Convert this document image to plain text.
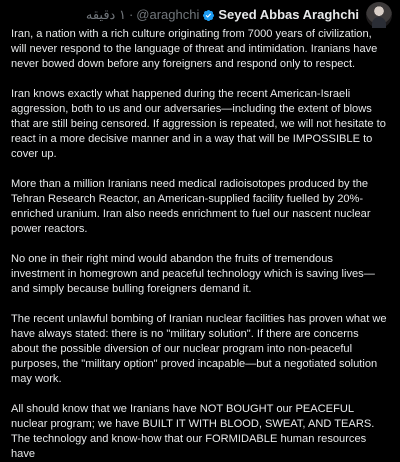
Seyed Abbas Araghchi
@araghchi
·
۱ دقیقه

Iran, a nation with a rich culture originating from 7000 years of civilization, will never respond to the language of threat and intimidation. Iranians have never bowed down before any foreigners and respond only to respect.

Iran knows exactly what happened during the recent American-Israeli aggression, both to us and our adversaries—including the extent of blows that are still being censored. If aggression is repeated, we will not hesitate to react in a more decisive manner and in a way that will be IMPOSSIBLE to cover up.

More than a million Iranians need medical radioisotopes produced by the Tehran Research Reactor, an American-supplied facility fuelled by 20%-enriched uranium. Iran also needs enrichment to fuel our nascent nuclear power reactors.

No one in their right mind would abandon the fruits of tremendous investment in homegrown and peaceful technology which is saving lives—and simply because bulling foreigners demand it.

The recent unlawful bombing of Iranian nuclear facilities has proven what we have always stated: there is no "military solution". If there are concerns about the possible diversion of our nuclear program into non-peaceful purposes, the "military option" proved incapable—but a negotiated solution may work.

All should know that we Iranians have NOT BOUGHT our PEACEFUL nuclear program; we have BUILT IT WITH BLOOD, SWEAT, AND TEARS. The technology and know-how that our FORMIDABLE human resources have
